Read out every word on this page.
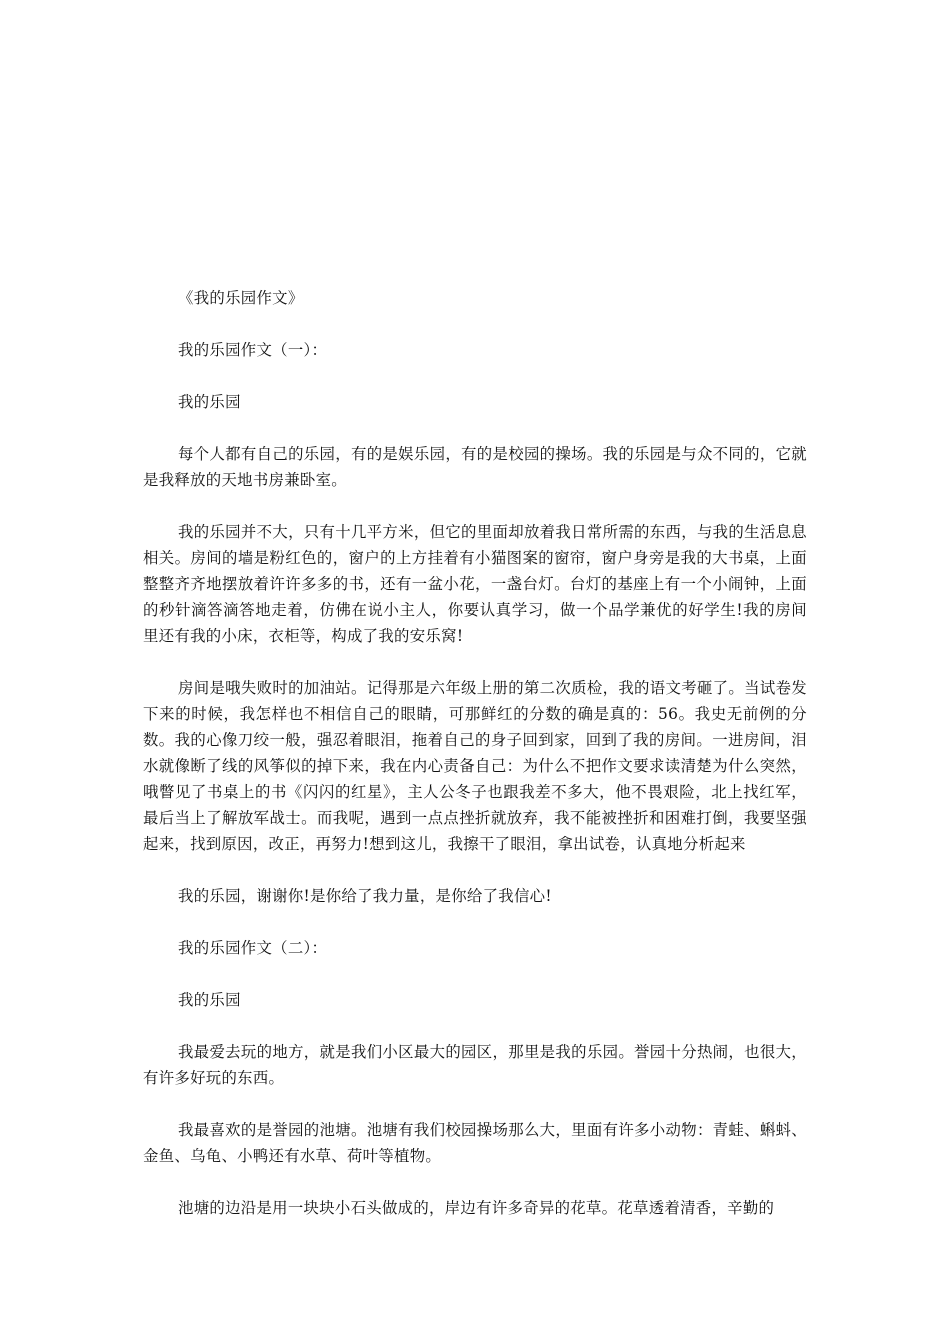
《我的乐园作文》

我的乐园作文（一）：

我的乐园

每个人都有自己的乐园，有的是娱乐园，有的是校园的操场。我的乐园是与众不同的，它就是我释放的天地书房兼卧室。

我的乐园并不大，只有十几平方米，但它的里面却放着我日常所需的东西，与我的生活息息相关。房间的墙是粉红色的，窗户的上方挂着有小猫图案的窗帘，窗户身旁是我的大书桌，上面整整齐齐地摆放着许许多多的书，还有一盆小花，一盏台灯。台灯的基座上有一个小闹钟，上面的秒针滴答滴答地走着，仿佛在说小主人，你要认真学习，做一个品学兼优的好学生!我的房间里还有我的小床，衣柜等，构成了我的安乐窝!

房间是哦失败时的加油站。记得那是六年级上册的第二次质检，我的语文考砸了。当试卷发下来的时候，我怎样也不相信自己的眼睛，可那鲜红的分数的确是真的：56。我史无前例的分数。我的心像刀绞一般，强忍着眼泪，拖着自己的身子回到家，回到了我的房间。一进房间，泪水就像断了线的风筝似的掉下来，我在内心责备自己：为什么不把作文要求读清楚为什么突然，哦瞥见了书桌上的书《闪闪的红星》，主人公冬子也跟我差不多大，他不畏艰险，北上找红军，最后当上了解放军战士。而我呢，遇到一点点挫折就放弃，我不能被挫折和困难打倒，我要坚强起来，找到原因，改正，再努力!想到这儿，我擦干了眼泪，拿出试卷，认真地分析起来

我的乐园，谢谢你!是你给了我力量，是你给了我信心!

我的乐园作文（二）：

我的乐园

我最爱去玩的地方，就是我们小区最大的园区，那里是我的乐园。誉园十分热闹，也很大，有许多好玩的东西。

我最喜欢的是誉园的池塘。池塘有我们校园操场那么大，里面有许多小动物：青蛙、蝌蚪、金鱼、乌龟、小鸭还有水草、荷叶等植物。

池塘的边沿是用一块块小石头做成的，岸边有许多奇异的花草。花草透着清香，辛勤的
